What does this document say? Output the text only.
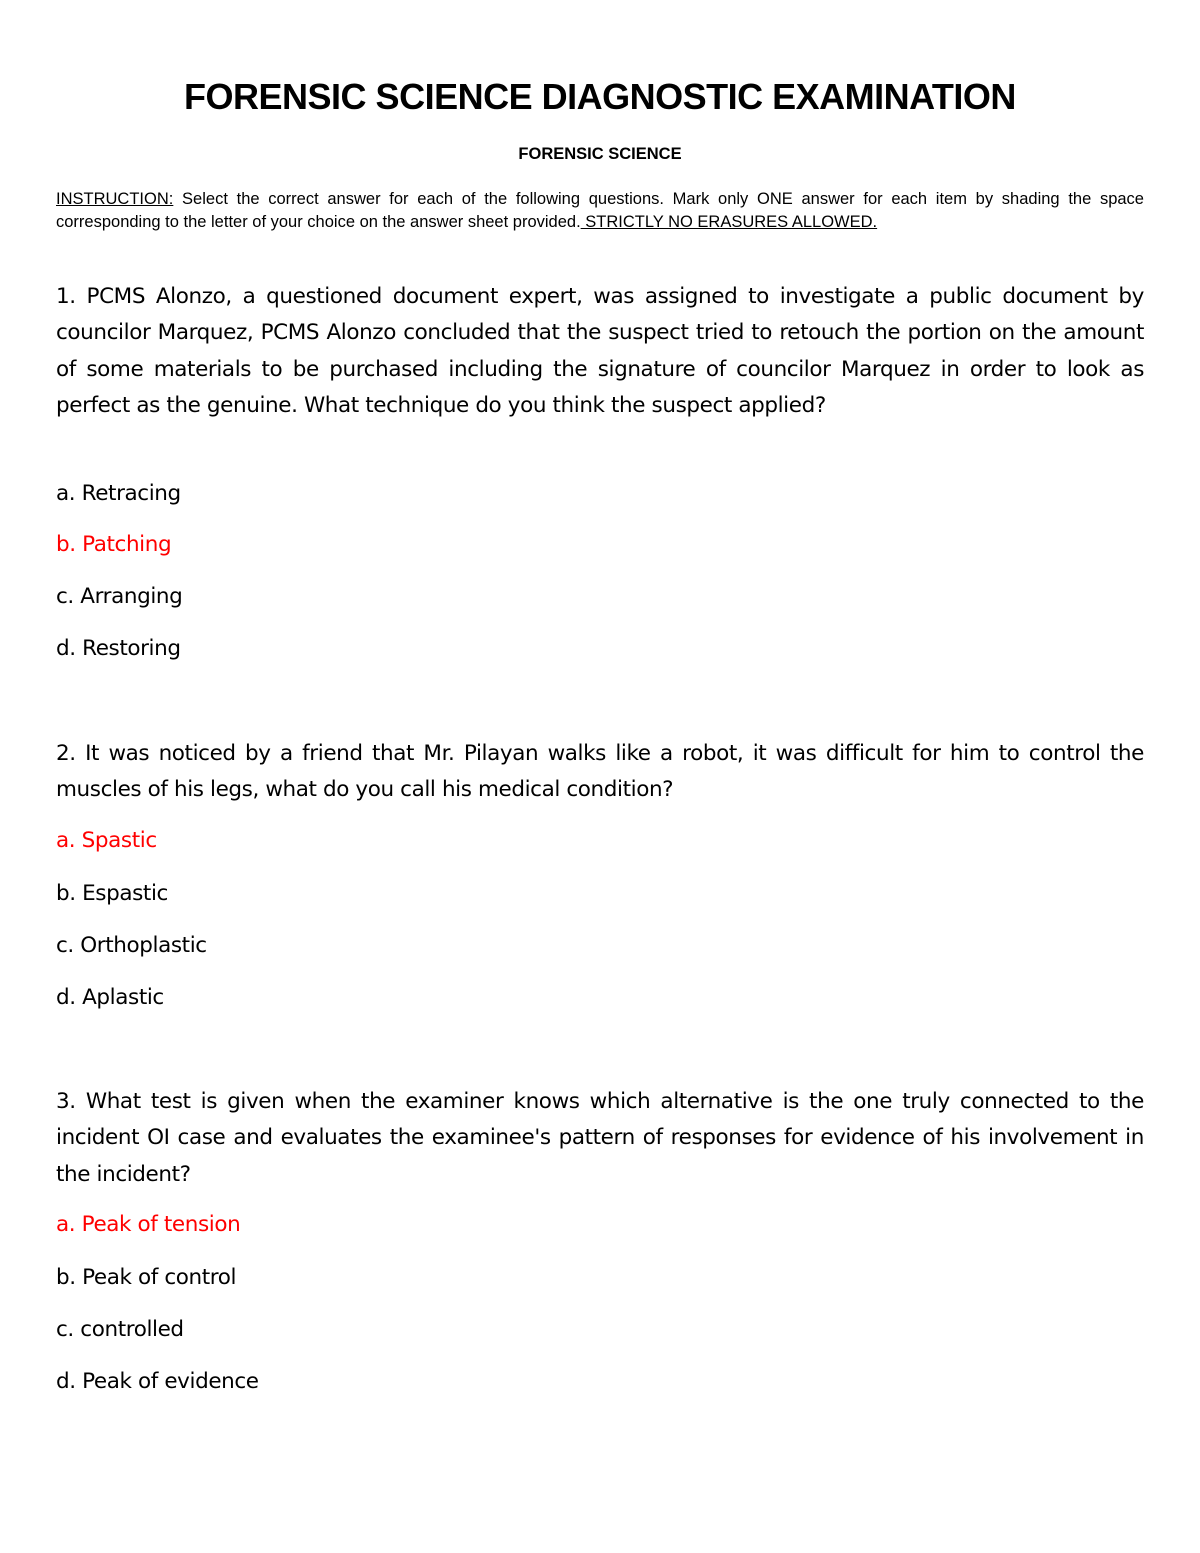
FORENSIC SCIENCE DIAGNOSTIC EXAMINATION
FORENSIC SCIENCE

INSTRUCTION: Select the correct answer for each of the following questions. Mark only ONE answer for each item by shading the space corresponding to the letter of your choice on the answer sheet provided. STRICTLY NO ERASURES ALLOWED.

1. PCMS Alonzo, a questioned document expert, was assigned to investigate a public document by councilor Marquez, PCMS Alonzo concluded that the suspect tried to retouch the portion on the amount of some materials to be purchased including the signature of councilor Marquez in order to look as perfect as the genuine. What technique do you think the suspect applied?

a. Retracing

b. Patching

c. Arranging

d. Restoring

2. It was noticed by a friend that Mr. Pilayan walks like a robot, it was difficult for him to control the muscles of his legs, what do you call his medical condition?

a. Spastic

b. Espastic

c. Orthoplastic

d. Aplastic

3. What test is given when the examiner knows which alternative is the one truly connected to the incident OI case and evaluates the examinee's pattern of responses for evidence of his involvement in the incident?

a. Peak of tension

b. Peak of control

c. controlled

d. Peak of evidence
